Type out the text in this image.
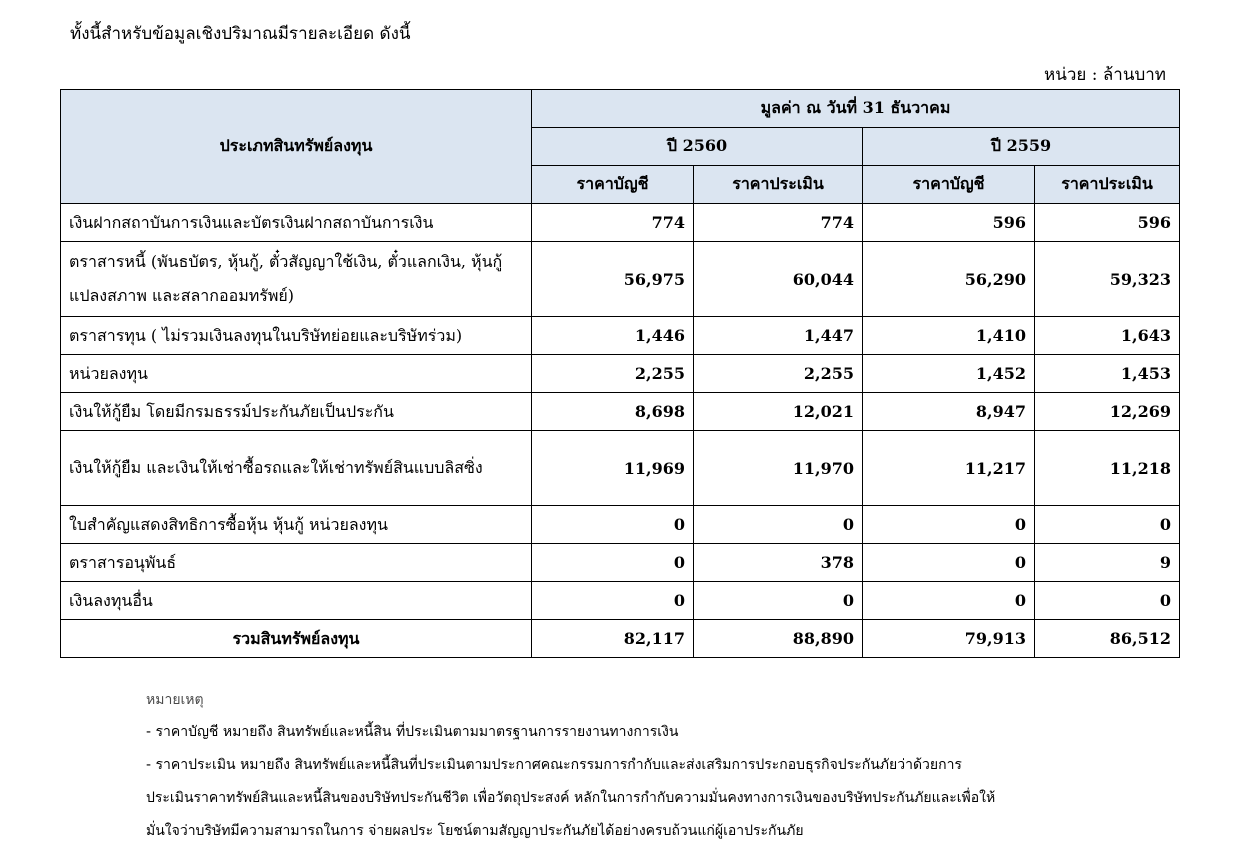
ทั้งนี้สำหรับข้อมูลเชิงปริมาณมีรายละเอียด ดังนี้
หน่วย : ล้านบาท
ประเภทสินทรัพย์ลงทุน	มูลค่า ณ วันที่ 31 ธันวาคม			
	ปี 2560		ปี 2559	
	ราคาบัญชี	ราคาประเมิน	ราคาบัญชี	ราคาประเมิน
เงินฝากสถาบันการเงินและบัตรเงินฝากสถาบันการเงิน	774	774	596	596
ตราสารหนี้ (พันธบัตร, หุ้นกู้, ตั๋วสัญญาใช้เงิน, ตั๋วแลกเงิน, หุ้นกู้แปลงสภาพ และสลากออมทรัพย์)	56,975	60,044	56,290	59,323
ตราสารทุน ( ไม่รวมเงินลงทุนในบริษัทย่อยและบริษัทร่วม)	1,446	1,447	1,410	1,643
หน่วยลงทุน	2,255	2,255	1,452	1,453
เงินให้กู้ยืม โดยมีกรมธรรม์ประกันภัยเป็นประกัน	8,698	12,021	8,947	12,269
เงินให้กู้ยืม และเงินให้เช่าซื้อรถและให้เช่าทรัพย์สินแบบลิสซิ่ง	11,969	11,970	11,217	11,218
ใบสำคัญแสดงสิทธิการซื้อหุ้น หุ้นกู้ หน่วยลงทุน	0	0	0	0
ตราสารอนุพันธ์	0	378	0	9
เงินลงทุนอื่น	0	0	0	0
รวมสินทรัพย์ลงทุน	82,117	88,890	79,913	86,512
หมายเหตุ
- ราคาบัญชี หมายถึง สินทรัพย์และหนี้สิน ที่ประเมินตามมาตรฐานการรายงานทางการเงิน
- ราคาประเมิน หมายถึง สินทรัพย์และหนี้สินที่ประเมินตามประกาศคณะกรรมการกำกับและส่งเสริมการประกอบธุรกิจประกันภัยว่าด้วยการ
ประเมินราคาทรัพย์สินและหนี้สินของบริษัทประกันชีวิต เพื่อวัตถุประสงค์ หลักในการกำกับความมั่นคงทางการเงินของบริษัทประกันภัยและเพื่อให้
มั่นใจว่าบริษัทมีความสามารถในการ จ่ายผลประ โยชน์ตามสัญญาประกันภัยได้อย่างครบถ้วนแก่ผู้เอาประกันภัย
